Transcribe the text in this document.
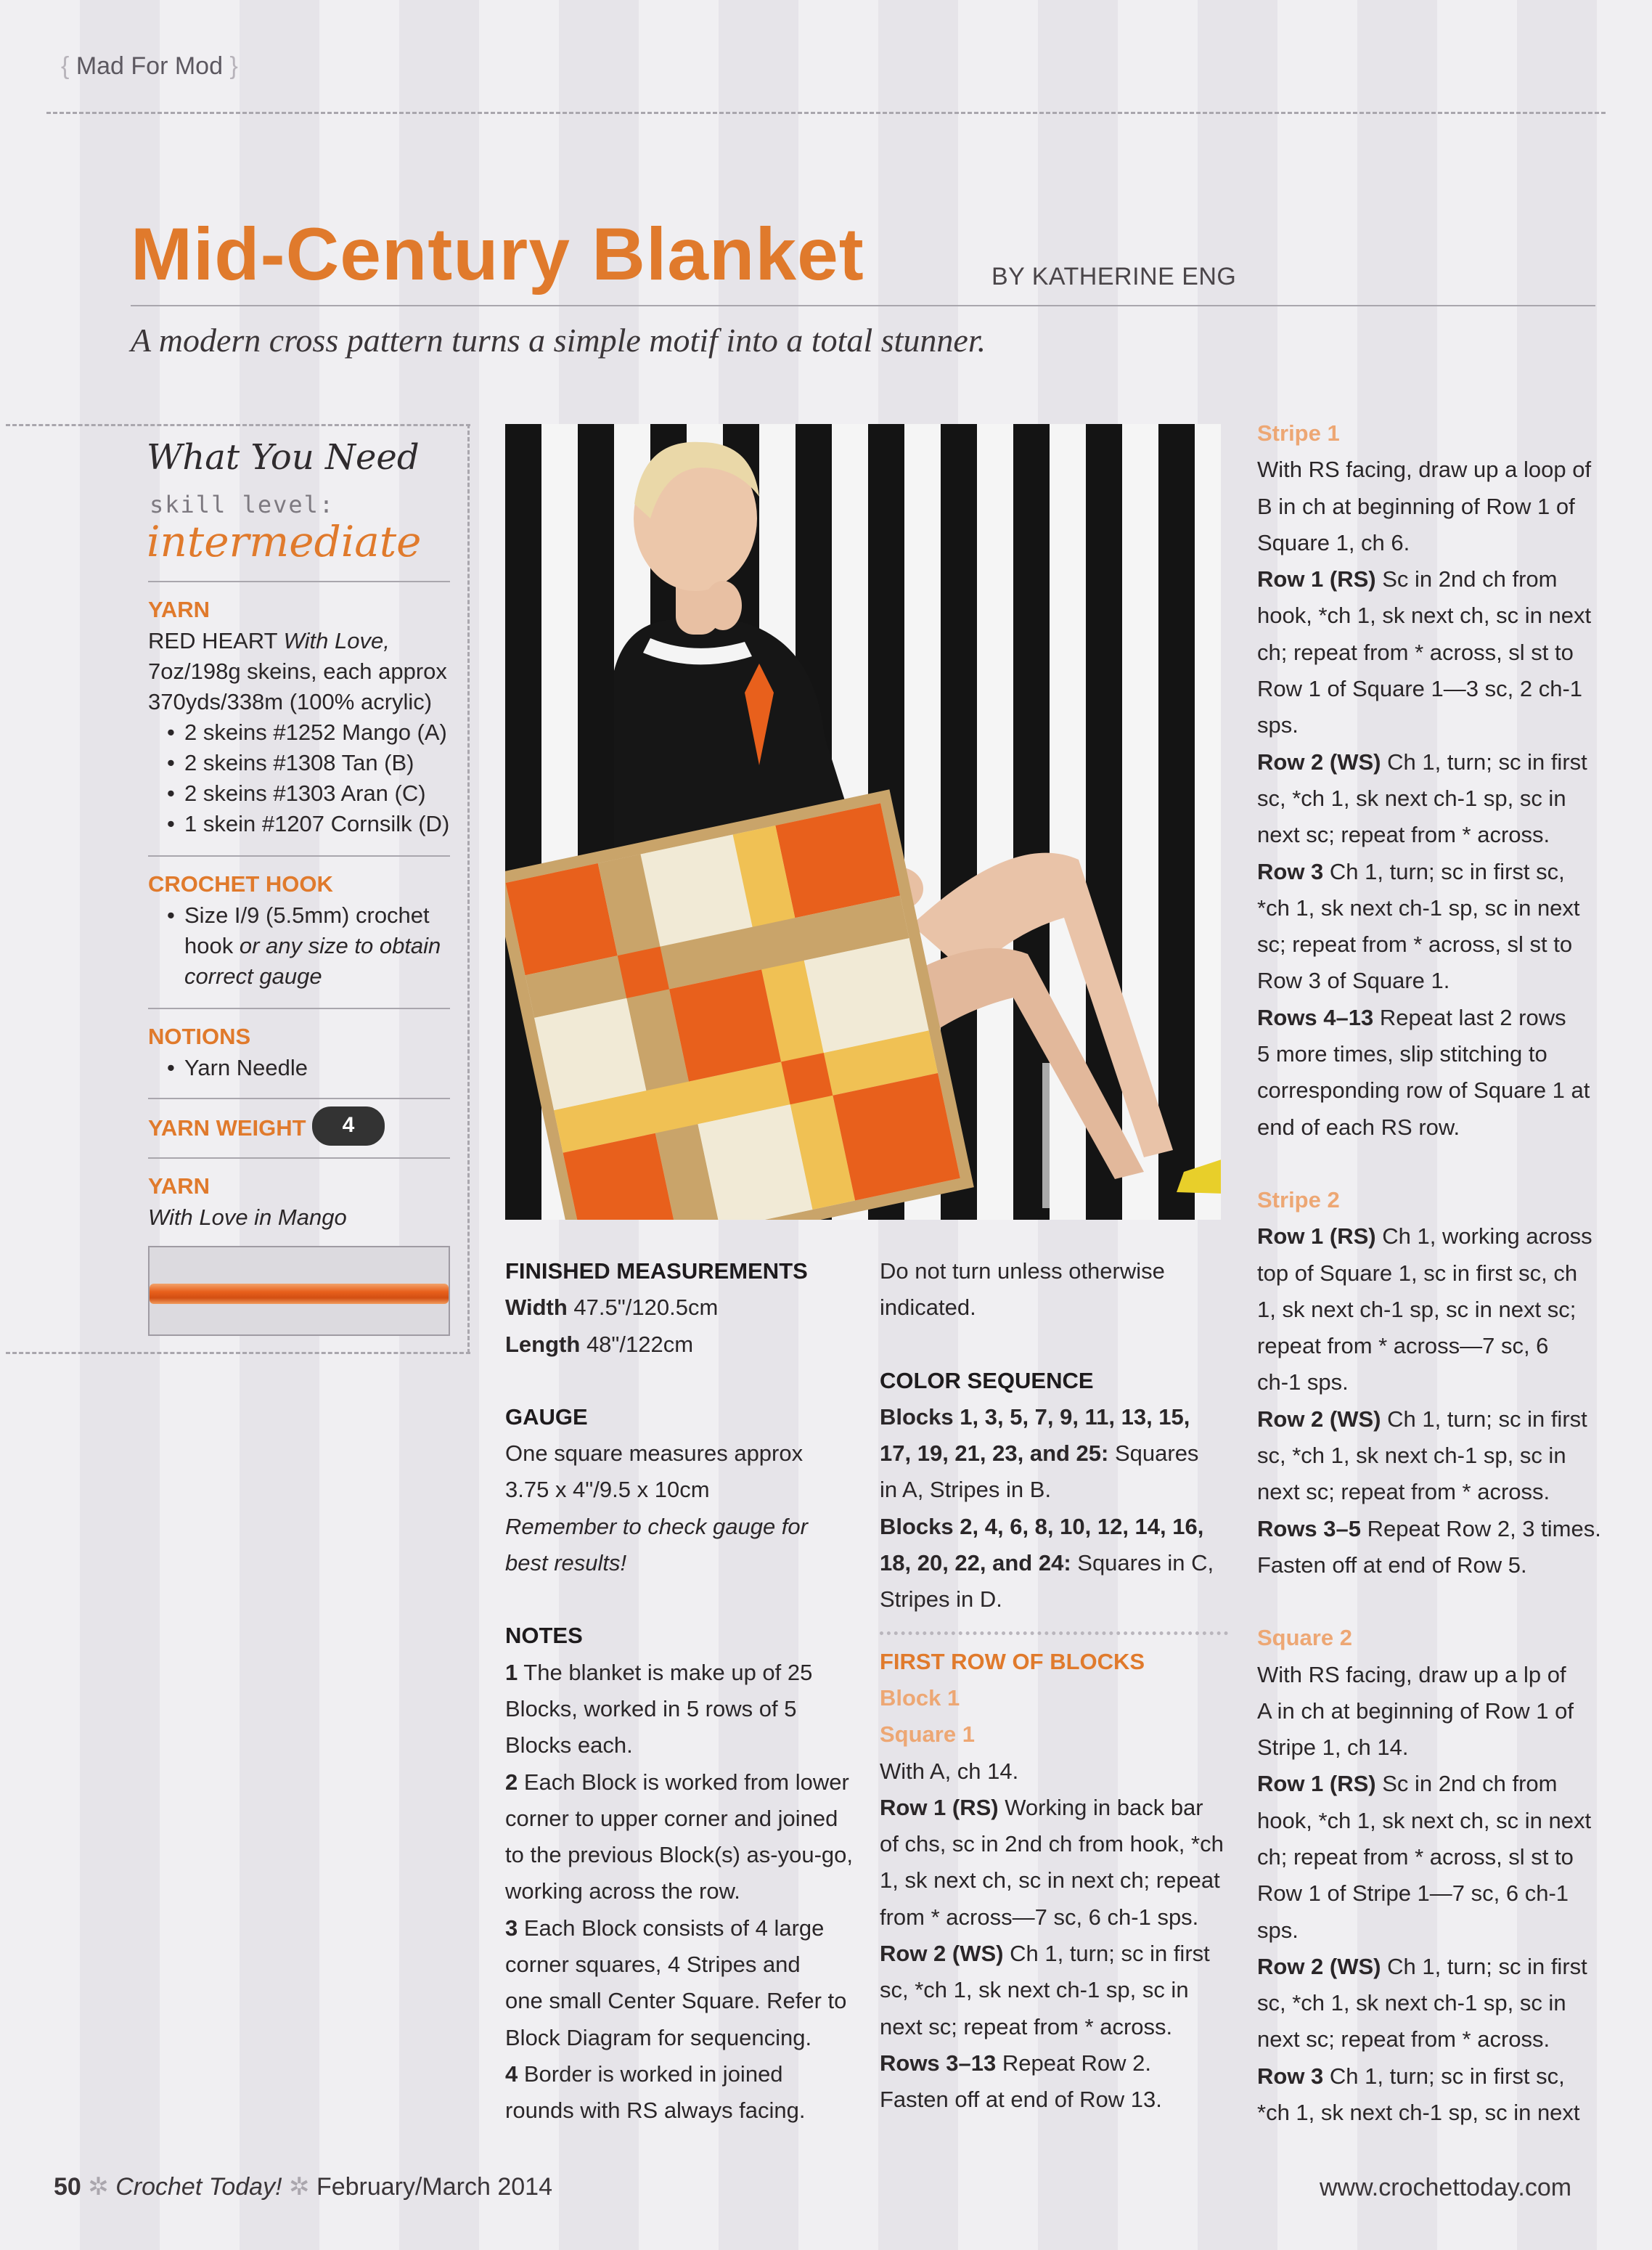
{ Mad For Mod }
Mid-Century Blanket	BY KATHERINE ENG
A modern cross pattern turns a simple motif into a total stunner.
What You Need
skill level:
intermediate
YARN
RED HEART With Love,
7oz/198g skeins, each approx
370yds/338m (100% acrylic)
• 2 skeins #1252 Mango (A)
• 2 skeins #1308 Tan (B)
• 2 skeins #1303 Aran (C)
• 1 skein #1207 Cornsilk (D)
CROCHET HOOK
• Size I/9 (5.5mm) crochet
hook or any size to obtain
correct gauge
NOTIONS
• Yarn Needle
YARN WEIGHT	4
YARN
With Love in Mango
FINISHED MEASUREMENTS
Width 47.5"/120.5cm
Length 48"/122cm
GAUGE
One square measures approx
3.75 x 4"/9.5 x 10cm
Remember to check gauge for
best results!
NOTES
1 The blanket is make up of 25
Blocks, worked in 5 rows of 5
Blocks each.
2 Each Block is worked from lower
corner to upper corner and joined
to the previous Block(s) as-you-go,
working across the row.
3 Each Block consists of 4 large
corner squares, 4 Stripes and
one small Center Square. Refer to
Block Diagram for sequencing.
4 Border is worked in joined
rounds with RS always facing.
Do not turn unless otherwise
indicated.
COLOR SEQUENCE
Blocks 1, 3, 5, 7, 9, 11, 13, 15,
17, 19, 21, 23, and 25: Squares
in A, Stripes in B.
Blocks 2, 4, 6, 8, 10, 12, 14, 16,
18, 20, 22, and 24: Squares in C,
Stripes in D.
FIRST ROW OF BLOCKS
Block 1
Square 1
With A, ch 14.
Row 1 (RS) Working in back bar
of chs, sc in 2nd ch from hook, *ch
1, sk next ch, sc in next ch; repeat
from * across—7 sc, 6 ch-1 sps.
Row 2 (WS) Ch 1, turn; sc in first
sc, *ch 1, sk next ch-1 sp, sc in
next sc; repeat from * across.
Rows 3–13 Repeat Row 2.
Fasten off at end of Row 13.
Stripe 1
With RS facing, draw up a loop of
B in ch at beginning of Row 1 of
Square 1, ch 6.
Row 1 (RS) Sc in 2nd ch from
hook, *ch 1, sk next ch, sc in next
ch; repeat from * across, sl st to
Row 1 of Square 1—3 sc, 2 ch-1
sps.
Row 2 (WS) Ch 1, turn; sc in first
sc, *ch 1, sk next ch-1 sp, sc in
next sc; repeat from * across.
Row 3 Ch 1, turn; sc in first sc,
*ch 1, sk next ch-1 sp, sc in next
sc; repeat from * across, sl st to
Row 3 of Square 1.
Rows 4–13 Repeat last 2 rows
5 more times, slip stitching to
corresponding row of Square 1 at
end of each RS row.
Stripe 2
Row 1 (RS) Ch 1, working across
top of Square 1, sc in first sc, ch
1, sk next ch-1 sp, sc in next sc;
repeat from * across—7 sc, 6
ch-1 sps.
Row 2 (WS) Ch 1, turn; sc in first
sc, *ch 1, sk next ch-1 sp, sc in
next sc; repeat from * across.
Rows 3–5 Repeat Row 2, 3 times.
Fasten off at end of Row 5.
Square 2
With RS facing, draw up a lp of
A in ch at beginning of Row 1 of
Stripe 1, ch 14.
Row 1 (RS) Sc in 2nd ch from
hook, *ch 1, sk next ch, sc in next
ch; repeat from * across, sl st to
Row 1 of Stripe 1—7 sc, 6 ch-1
sps.
Row 2 (WS) Ch 1, turn; sc in first
sc, *ch 1, sk next ch-1 sp, sc in
next sc; repeat from * across.
Row 3 Ch 1, turn; sc in first sc,
*ch 1, sk next ch-1 sp, sc in next
50 ✲ Crochet Today! ✲ February/March 2014	www.crochettoday.com
